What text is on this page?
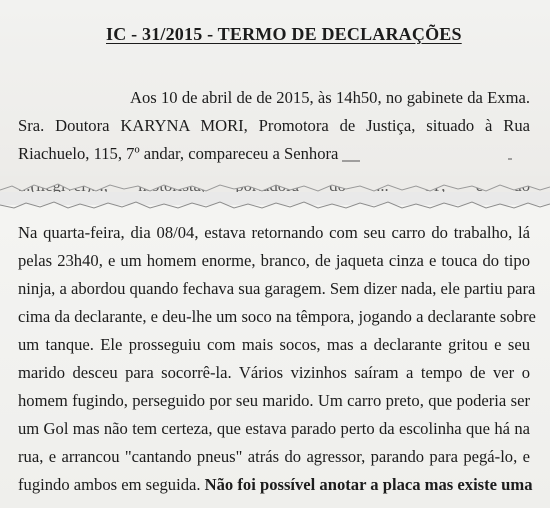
IC - 31/2015 - TERMO DE DECLARAÇÕES
Aos 10 de abril de de 2015, às 14h50, no gabinete da Exma.
Sra. Doutora KARYNA MORI, Promotora de Justiça, situado à Rua
Riachuelo, 115, 7º andar, compareceu a Senhora
Na quarta-feira, dia 08/04, estava retornando com seu carro do trabalho, lá
pelas 23h40, e um homem enorme, branco, de jaqueta cinza e touca do tipo
ninja, a abordou quando fechava sua garagem. Sem dizer nada, ele partiu para
cima da declarante, e deu-lhe um soco na têmpora, jogando a declarante sobre
um tanque. Ele prosseguiu com mais socos, mas a declarante gritou e seu
marido desceu para socorrê-la. Vários vizinhos saíram a tempo de ver o
homem fugindo, perseguido por seu marido. Um carro preto, que poderia ser
um Gol mas não tem certeza, que estava parado perto da escolinha que há na
rua, e arrancou "cantando pneus" atrás do agressor, parando para pegá-lo, e
fugindo ambos em seguida. Não foi possível anotar a placa mas existe uma
